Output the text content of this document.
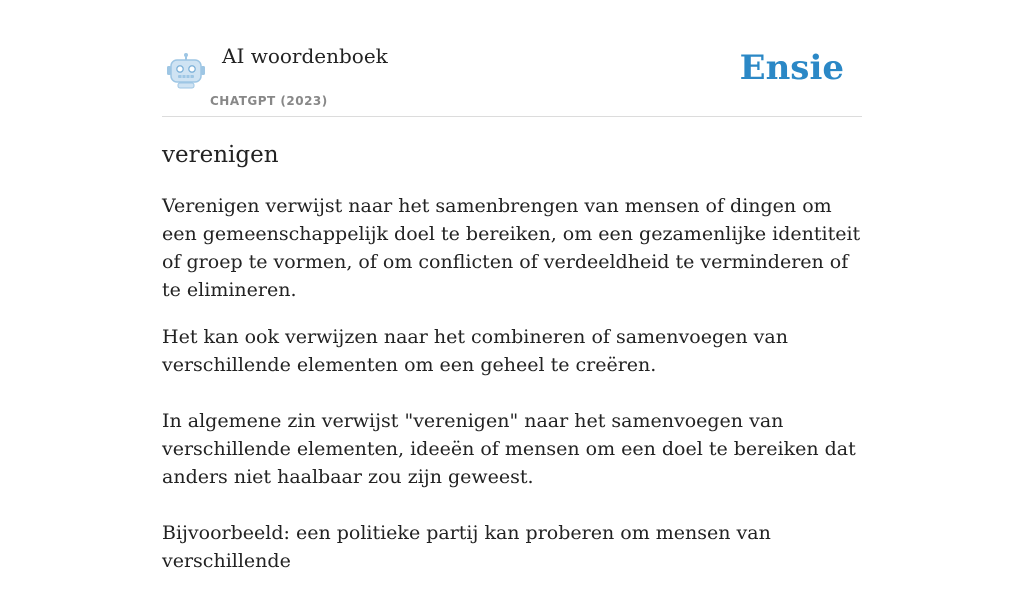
AI woordenboek
CHATGPT (2023)
Ensie
verenigen

Verenigen verwijst naar het samenbrengen van mensen of dingen om een gemeenschappelijk doel te bereiken, om een gezamenlijke identiteit of groep te vormen, of om conflicten of verdeeldheid te verminderen of te elimineren.

Het kan ook verwijzen naar het combineren of samenvoegen van verschillende elementen om een geheel te creëren.

In algemene zin verwijst "verenigen" naar het samenvoegen van verschillende elementen, ideeën of mensen om een doel te bereiken dat anders niet haalbaar zou zijn geweest.

Bijvoorbeeld: een politieke partij kan proberen om mensen van verschillende
